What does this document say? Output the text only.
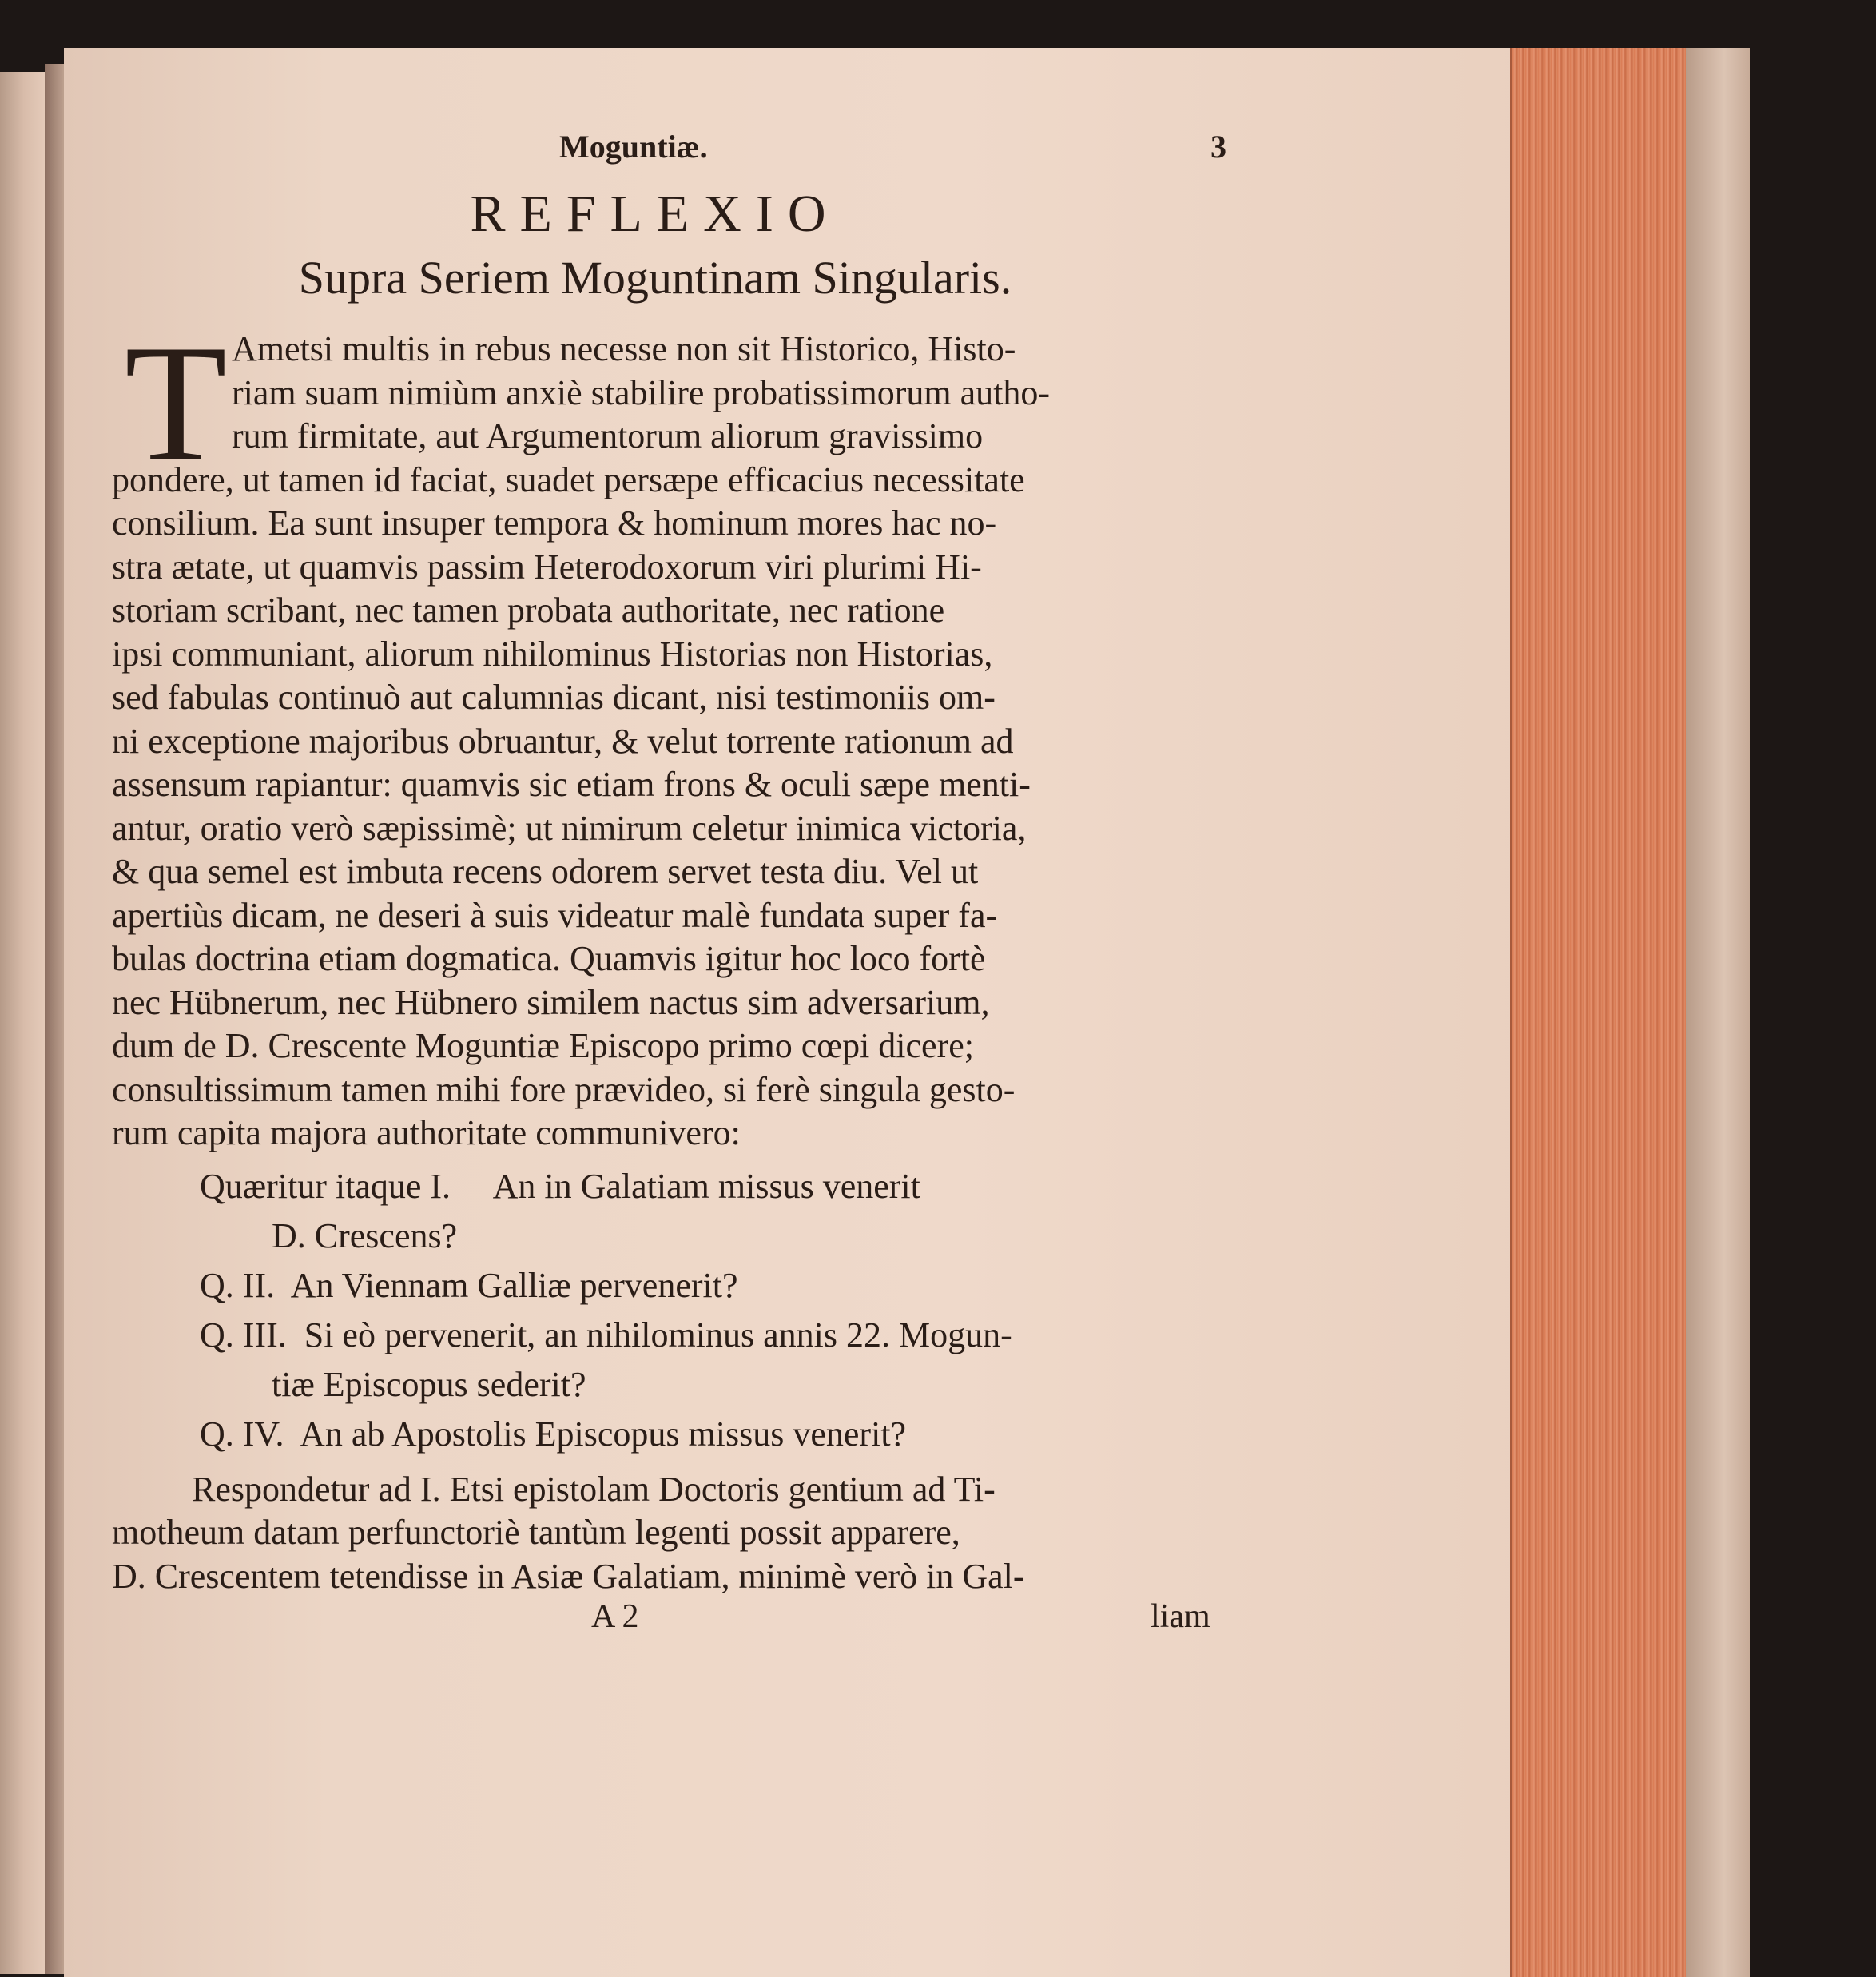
Moguntiæ.	3
REFLEXIO
Supra Seriem Moguntinam Singularis.
T Ametsi multis in rebus necesse non sit Historico, Histo-
riam suam nimiùm anxiè stabilire probatissimorum autho-
rum firmitate, aut Argumentorum aliorum gravissimo
pondere, ut tamen id faciat, suadet persæpe efficacius necessitate
consilium. Ea sunt insuper tempora & hominum mores hac no-
stra ætate, ut quamvis passim Heterodoxorum viri plurimi Hi-
storiam scribant, nec tamen probata authoritate, nec ratione
ipsi communiant, aliorum nihilominus Historias non Historias,
sed fabulas continuò aut calumnias dicant, nisi testimoniis om-
ni exceptione majoribus obruantur, & velut torrente rationum ad
assensum rapiantur: quamvis sic etiam frons & oculi sæpe menti-
antur, oratio verò sæpissimè; ut nimirum celetur inimica victoria,
& qua semel est imbuta recens odorem servet testa diu. Vel ut
apertiùs dicam, ne deseri à suis videatur malè fundata super fa-
bulas doctrina etiam dogmatica. Quamvis igitur hoc loco fortè
nec Hübnerum, nec Hübnero similem nactus sim adversarium,
dum de D. Crescente Moguntiæ Episcopo primo cœpi dicere;
consultissimum tamen mihi fore prævideo, si ferè singula gesto-
rum capita majora authoritate communivero:
Quæritur itaque I. An in Galatiam missus venerit
D. Crescens?
Q. II. An Viennam Galliæ pervenerit?
Q. III. Si eò pervenerit, an nihilominus annis 22. Mogun-
tiæ Episcopus sederit?
Q. IV. An ab Apostolis Episcopus missus venerit?
Respondetur ad I. Etsi epistolam Doctoris gentium ad Ti-
motheum datam perfunctoriè tantùm legenti possit apparere,
D. Crescentem tetendisse in Asiæ Galatiam, minimè verò in Gal-
A 2	liam
